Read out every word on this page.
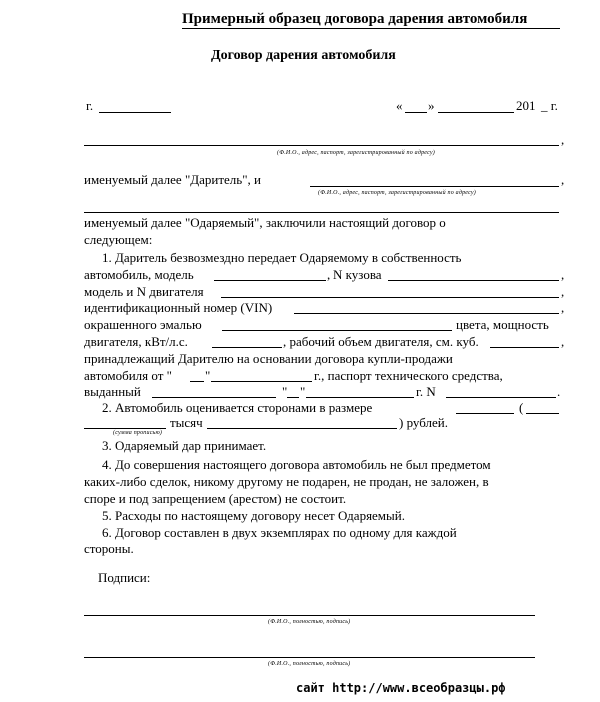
Примерный образец договора дарения автомобиля
Договор дарения автомобиля
г.	« »	201 _ г.
,
(Ф.И.О., адрес, паспорт, зарегистрированный по адресу)
именуемый далее "Даритель", и	,
(Ф.И.О., адрес, паспорт, зарегистрированный по адресу)
именуемый далее "Одаряемый", заключили настоящий договор о
следующем:
1. Даритель безвозмездно передает Одаряемому в собственность
автомобиль, модель	, N кузова	,
модель и N двигателя	,
идентификационный номер (VIN)	,
окрашенного эмалью	цвета, мощность
двигателя, кВт/л.с.	, рабочий объем двигателя, см. куб.	,
принадлежащий Дарителю на основании договора купли-продажи
автомобиля от "	"	г., паспорт технического средства,
выданный	" "	г. N	.
2. Автомобиль оценивается сторонами в размере	(
тысяч	) рублей.
(сумма прописью)
3. Одаряемый дар принимает.
4. До совершения настоящего договора автомобиль не был предметом
каких-либо сделок, никому другому не подарен, не продан, не заложен, в
споре и под запрещением (арестом) не состоит.
5. Расходы по настоящему договору несет Одаряемый.
6. Договор составлен в двух экземплярах по одному для каждой
стороны.
Подписи:
(Ф.И.О., полностью, подпись)
(Ф.И.О., полностью, подпись)
сайт http://www.всеобразцы.рф
